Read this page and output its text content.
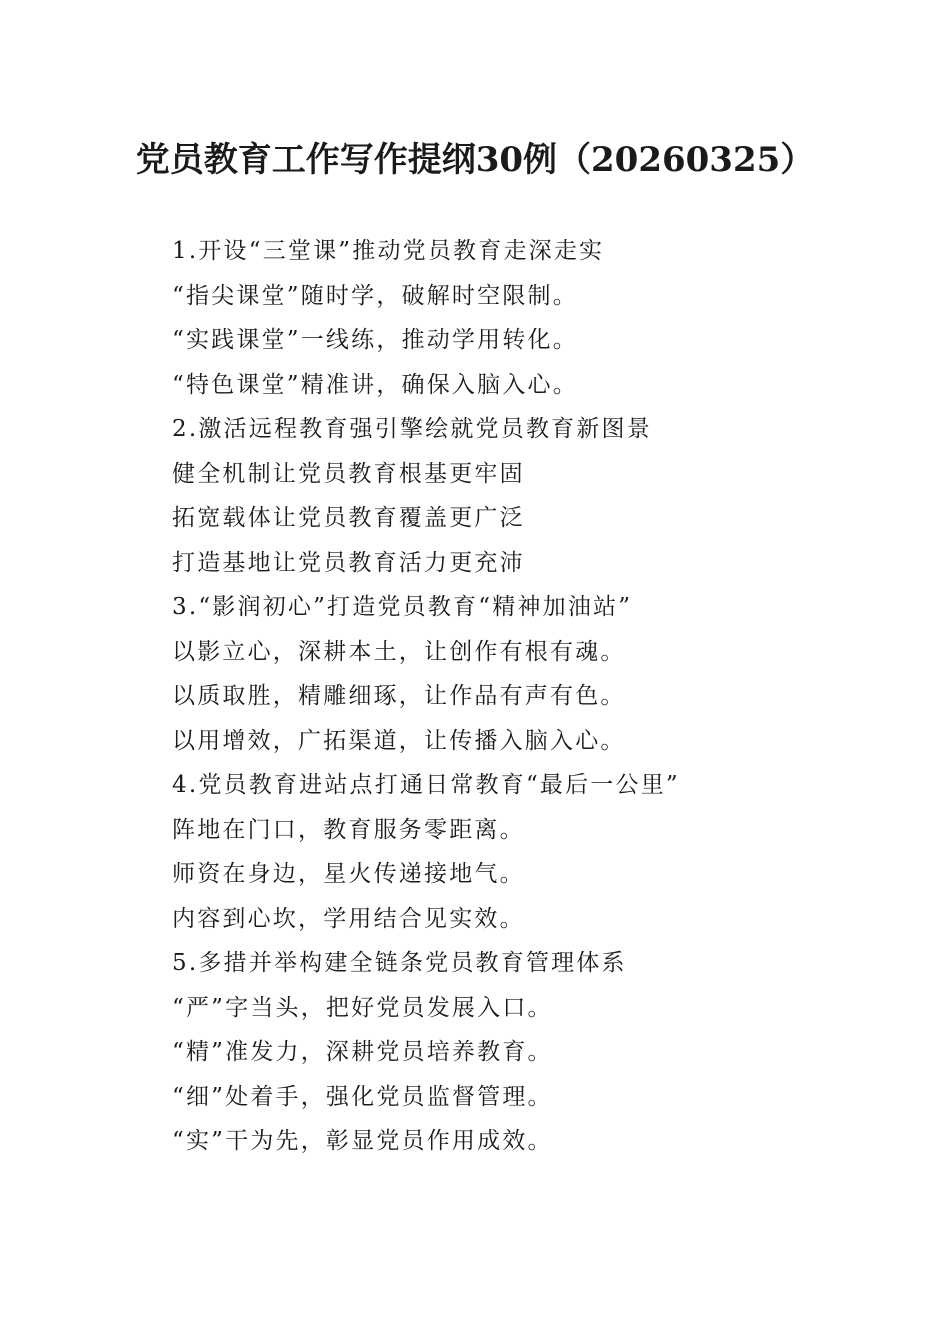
党员教育工作写作提纲30例（20260325）
1.开设“三堂课”推动党员教育走深走实
“指尖课堂”随时学，破解时空限制。
“实践课堂”一线练，推动学用转化。
“特色课堂”精准讲，确保入脑入心。
2.激活远程教育强引擎绘就党员教育新图景
健全机制让党员教育根基更牢固
拓宽载体让党员教育覆盖更广泛
打造基地让党员教育活力更充沛
3.“影润初心”打造党员教育“精神加油站”
以影立心，深耕本土，让创作有根有魂。
以质取胜，精雕细琢，让作品有声有色。
以用增效，广拓渠道，让传播入脑入心。
4.党员教育进站点打通日常教育“最后一公里”
阵地在门口，教育服务零距离。
师资在身边，星火传递接地气。
内容到心坎，学用结合见实效。
5.多措并举构建全链条党员教育管理体系
“严”字当头，把好党员发展入口。
“精”准发力，深耕党员培养教育。
“细”处着手，强化党员监督管理。
“实”干为先，彰显党员作用成效。
